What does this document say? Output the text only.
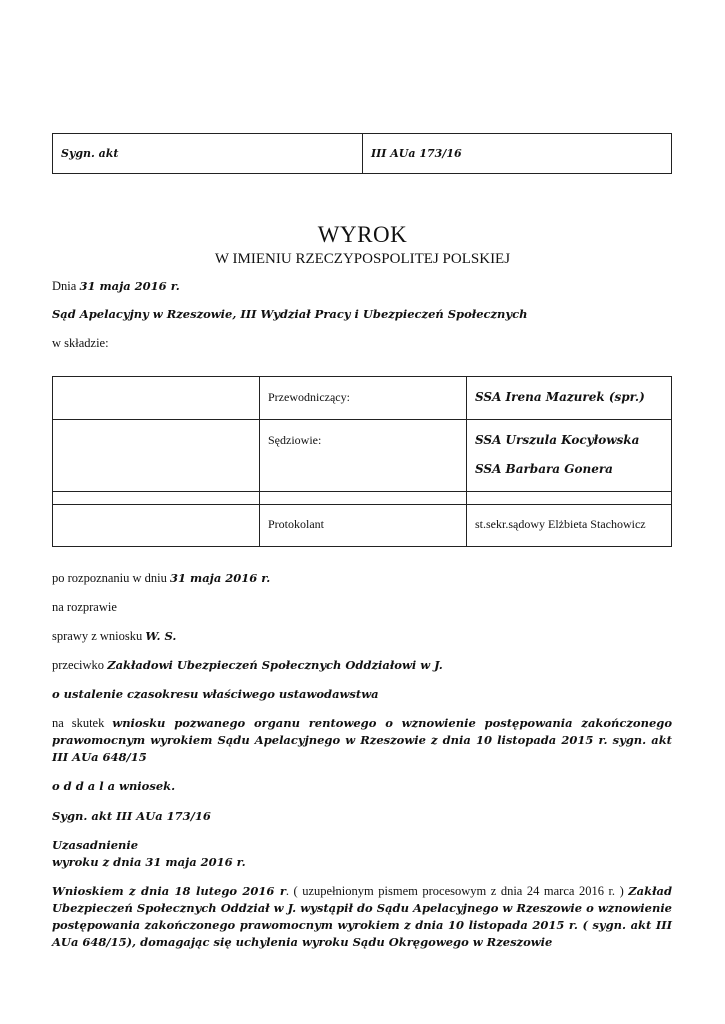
Sygn. akt	III AUa 173/16
WYROK
W IMIENIU RZECZYPOSPOLITEJ POLSKIEJ
Dnia 31 maja 2016 r.
Sąd Apelacyjny w Rzeszowie, III Wydział Pracy i Ubezpieczeń Społecznych
w składzie:
Przewodniczący:	SSA Irena Mazurek (spr.)
Sędziowie:	SSA Urszula Kocyłowska
SSA Barbara Gonera
Protokolant	st.sekr.sądowy Elżbieta Stachowicz
po rozpoznaniu w dniu 31 maja 2016 r.
na rozprawie
sprawy z wniosku W. S.
przeciwko Zakładowi Ubezpieczeń Społecznych Oddziałowi w J.
o ustalenie czasokresu właściwego ustawodawstwa
na skutek wniosku pozwanego organu rentowego o wznowienie postępowania zakończonego prawomocnym wyrokiem Sądu Apelacyjnego w Rzeszowie z dnia 10 listopada 2015 r. sygn. akt III AUa 648/15
o d d a l a wniosek.
Sygn. akt III AUa 173/16
Uzasadnienie
wyroku z dnia 31 maja 2016 r.
Wnioskiem z dnia 18 lutego 2016 r. ( uzupełnionym pismem procesowym z dnia 24 marca 2016 r. ) Zakład Ubezpieczeń Społecznych Oddział w J. wystąpił do Sądu Apelacyjnego w Rzeszowie o wznowienie postępowania zakończonego prawomocnym wyrokiem z dnia 10 listopada 2015 r. ( sygn. akt III AUa 648/15), domagając się uchylenia wyroku Sądu Okręgowego w Rzeszowie
